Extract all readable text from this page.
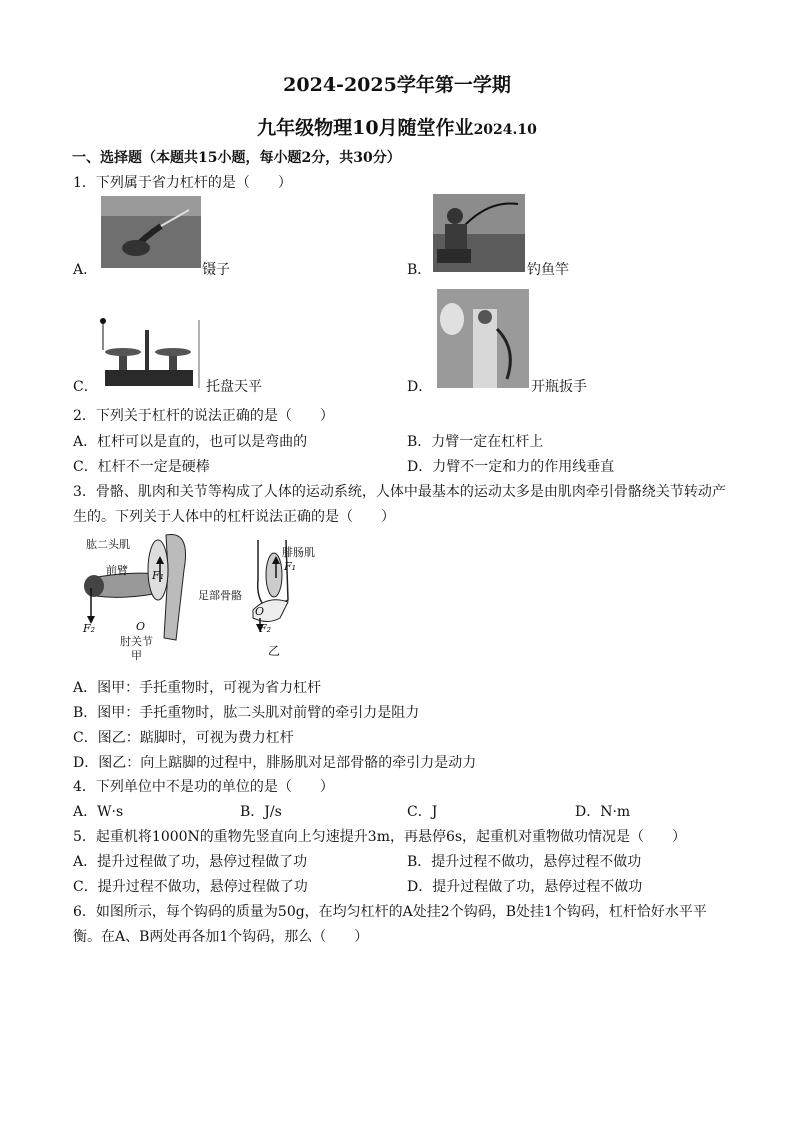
2024-2025学年第一学期
九年级物理10月随堂作业2024.10
一、选择题（本题共15小题，每小题2分，共30分）
1．下列属于省力杠杆的是（　　）
A．	镊子	B．	钓鱼竿
C．	托盘天平	D．	开瓶扳手
2．下列关于杠杆的说法正确的是（　　）
A．杠杆可以是直的，也可以是弯曲的	B．力臂一定在杠杆上
C．杠杆不一定是硬棒	D．力臂不一定和力的作用线垂直
3．骨骼、肌肉和关节等构成了人体的运动系统，人体中最基本的运动太多是由肌肉牵引骨骼绕关节转动产
生的。下列关于人体中的杠杆说法正确的是（　　）
肱二头肌
前臂 F₁
F₂	O
肘关节
甲
腓肠肌
F₁
足部骨骼
O
F₂
乙
A．图甲：手托重物时，可视为省力杠杆
B．图甲：手托重物时，肱二头肌对前臂的牵引力是阻力
C．图乙：踮脚时，可视为费力杠杆
D．图乙：向上踮脚的过程中，腓肠肌对足部骨骼的牵引力是动力
4．下列单位中不是功的单位的是（　　）
A．W·s	B．J/s	C．J	D．N·m
5．起重机将1000N的重物先竖直向上匀速提升3m，再悬停6s，起重机对重物做功情况是（　　）
A．提升过程做了功，悬停过程做了功	B．提升过程不做功，悬停过程不做功
C．提升过程不做功，悬停过程做了功	D．提升过程做了功，悬停过程不做功
6．如图所示，每个钩码的质量为50g，在均匀杠杆的A处挂2个钩码，B处挂1个钩码，杠杆恰好水平平
衡。在A、B两处再各加1个钩码，那么（　　）
